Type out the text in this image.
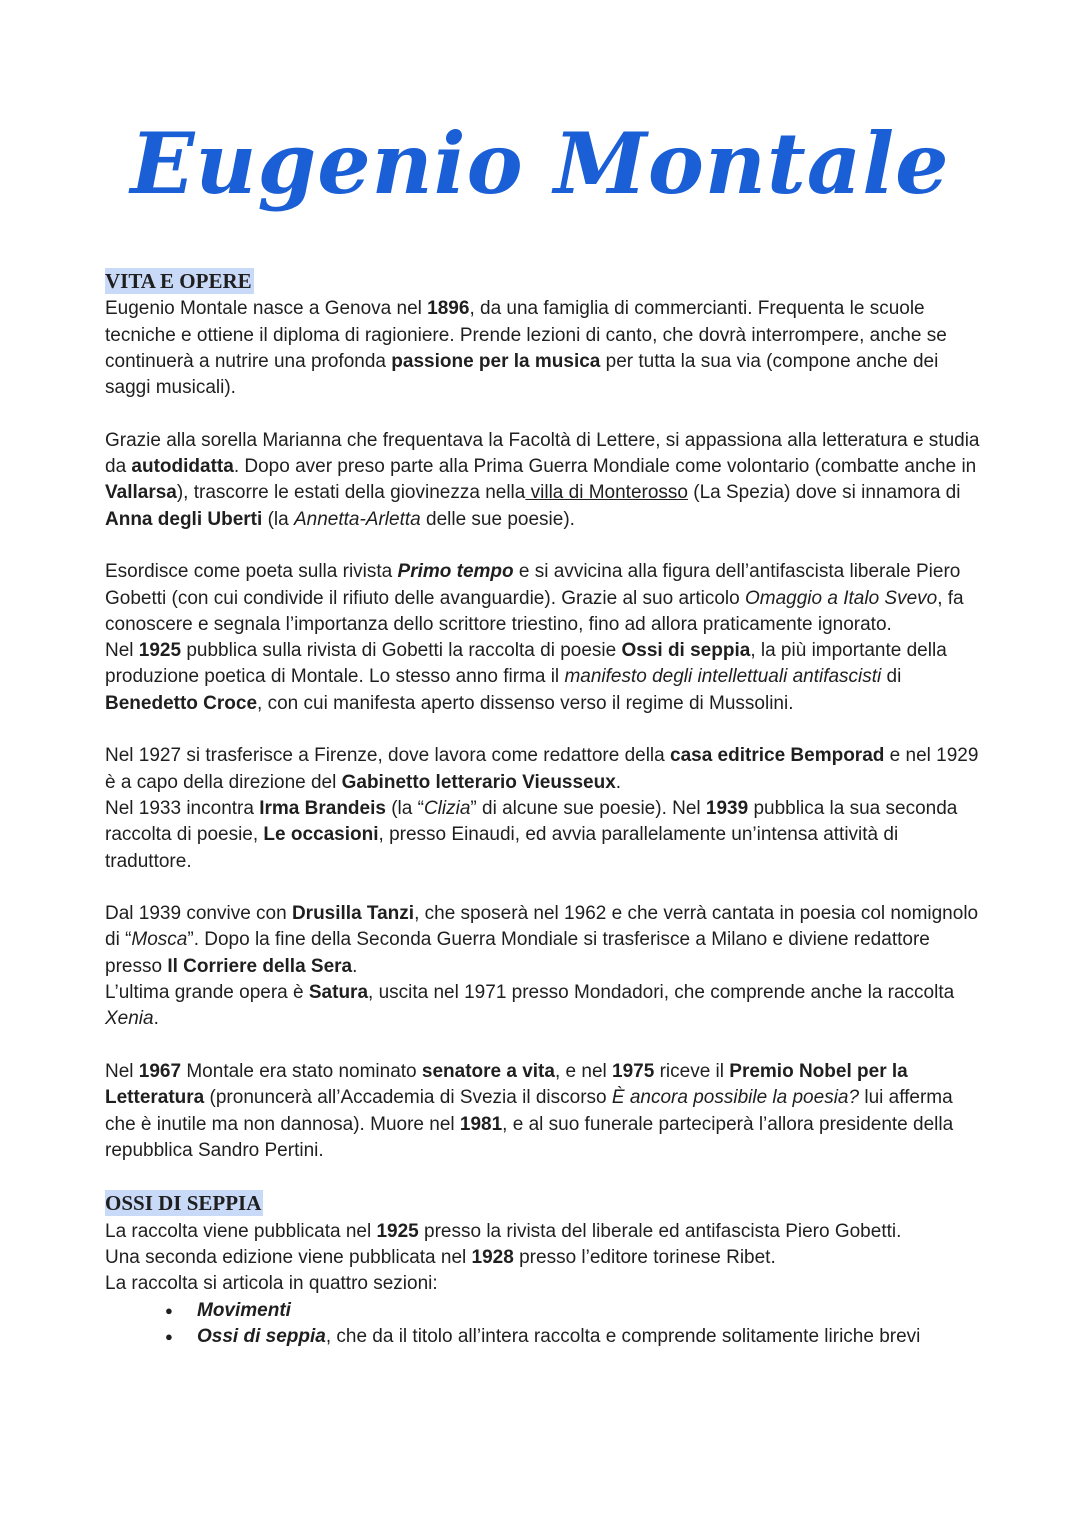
Eugenio Montale
VITA E OPERE

Eugenio Montale nasce a Genova nel 1896, da una famiglia di commercianti. Frequenta le scuole tecniche e ottiene il diploma di ragioniere. Prende lezioni di canto, che dovrà interrompere, anche se continuerà a nutrire una profonda passione per la musica per tutta la sua via (compone anche dei saggi musicali).

Grazie alla sorella Marianna che frequentava la Facoltà di Lettere, si appassiona alla letteratura e studia da autodidatta. Dopo aver preso parte alla Prima Guerra Mondiale come volontario (combatte anche in Vallarsa), trascorre le estati della giovinezza nella villa di Monterosso (La Spezia) dove si innamora di Anna degli Uberti (la Annetta-Arletta delle sue poesie).

Esordisce come poeta sulla rivista Primo tempo e si avvicina alla figura dell’antifascista liberale Piero Gobetti (con cui condivide il rifiuto delle avanguardie). Grazie al suo articolo Omaggio a Italo Svevo, fa conoscere e segnala l’importanza dello scrittore triestino, fino ad allora praticamente ignorato.

Nel 1925 pubblica sulla rivista di Gobetti la raccolta di poesie Ossi di seppia, la più importante della produzione poetica di Montale. Lo stesso anno firma il manifesto degli intellettuali antifascisti di Benedetto Croce, con cui manifesta aperto dissenso verso il regime di Mussolini.

Nel 1927 si trasferisce a Firenze, dove lavora come redattore della casa editrice Bemporad e nel 1929 è a capo della direzione del Gabinetto letterario Vieusseux.

Nel 1933 incontra Irma Brandeis (la “Clizia” di alcune sue poesie). Nel 1939 pubblica la sua seconda raccolta di poesie, Le occasioni, presso Einaudi, ed avvia parallelamente un’intensa attività di traduttore.

Dal 1939 convive con Drusilla Tanzi, che sposerà nel 1962 e che verrà cantata in poesia col nomignolo di “Mosca”. Dopo la fine della Seconda Guerra Mondiale si trasferisce a Milano e diviene redattore presso Il Corriere della Sera.

L’ultima grande opera è Satura, uscita nel 1971 presso Mondadori, che comprende anche la raccolta Xenia.

Nel 1967 Montale era stato nominato senatore a vita, e nel 1975 riceve il Premio Nobel per la Letteratura (pronuncerà all’Accademia di Svezia il discorso È ancora possibile la poesia? lui afferma che è inutile ma non dannosa). Muore nel 1981, e al suo funerale parteciperà l’allora presidente della repubblica Sandro Pertini.

OSSI DI SEPPIA

La raccolta viene pubblicata nel 1925 presso la rivista del liberale ed antifascista Piero Gobetti.

Una seconda edizione viene pubblicata nel 1928 presso l’editore torinese Ribet.

La raccolta si articola in quattro sezioni:

● Movimenti
● Ossi di seppia, che da il titolo all’intera raccolta e comprende solitamente liriche brevi
